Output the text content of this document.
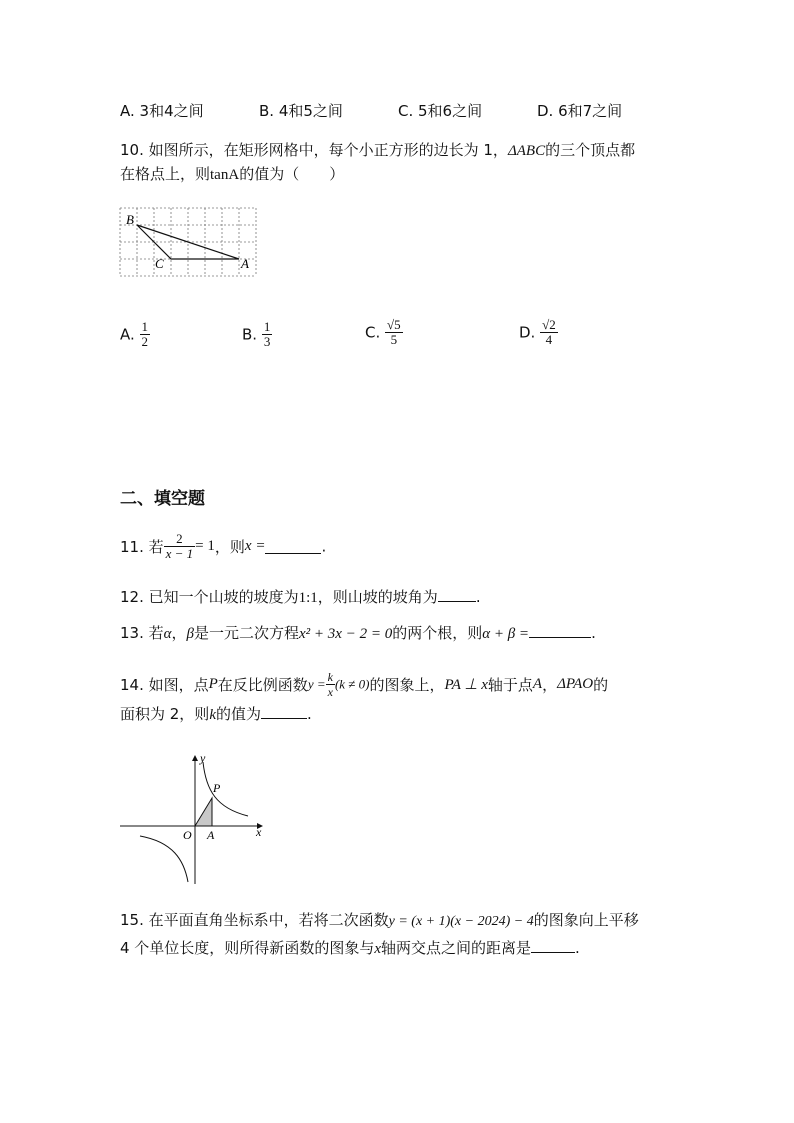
A. 3和4之间	B. 4和5之间	C. 5和6之间	D. 6和7之间
10. 如图所示，在矩形网格中，每个小正方形的边长为 1，ΔABC的三个顶点都
在格点上，则tanA的值为（　　）
B
C	A
A. $\frac{1}{2}$	B. $\frac{1}{3}$	C. $\frac{√5}{5}$	D. $\frac{√2}{4}$
二、填空题
11. 若 $\frac{2}{x - 1} = 1$，则x =	.
12. 已知一个山坡的坡度为1:1，则山坡的坡角为	.
13. 若α，β是一元二次方程x² + 3x − 2 = 0的两个根，则α + β =	.
14. 如图，点P在反比例函数$y = \frac{k}{x} (k \ne 0)$的图象上，PA ⊥ x轴于点A，ΔPAO的
面积为 2，则k的值为	.
y
P
O A	x
15. 在平面直角坐标系中，若将二次函数y = (x + 1)(x − 2024) − 4的图象向上平移
4 个单位长度，则所得新函数的图象与x轴两交点之间的距离是	.
